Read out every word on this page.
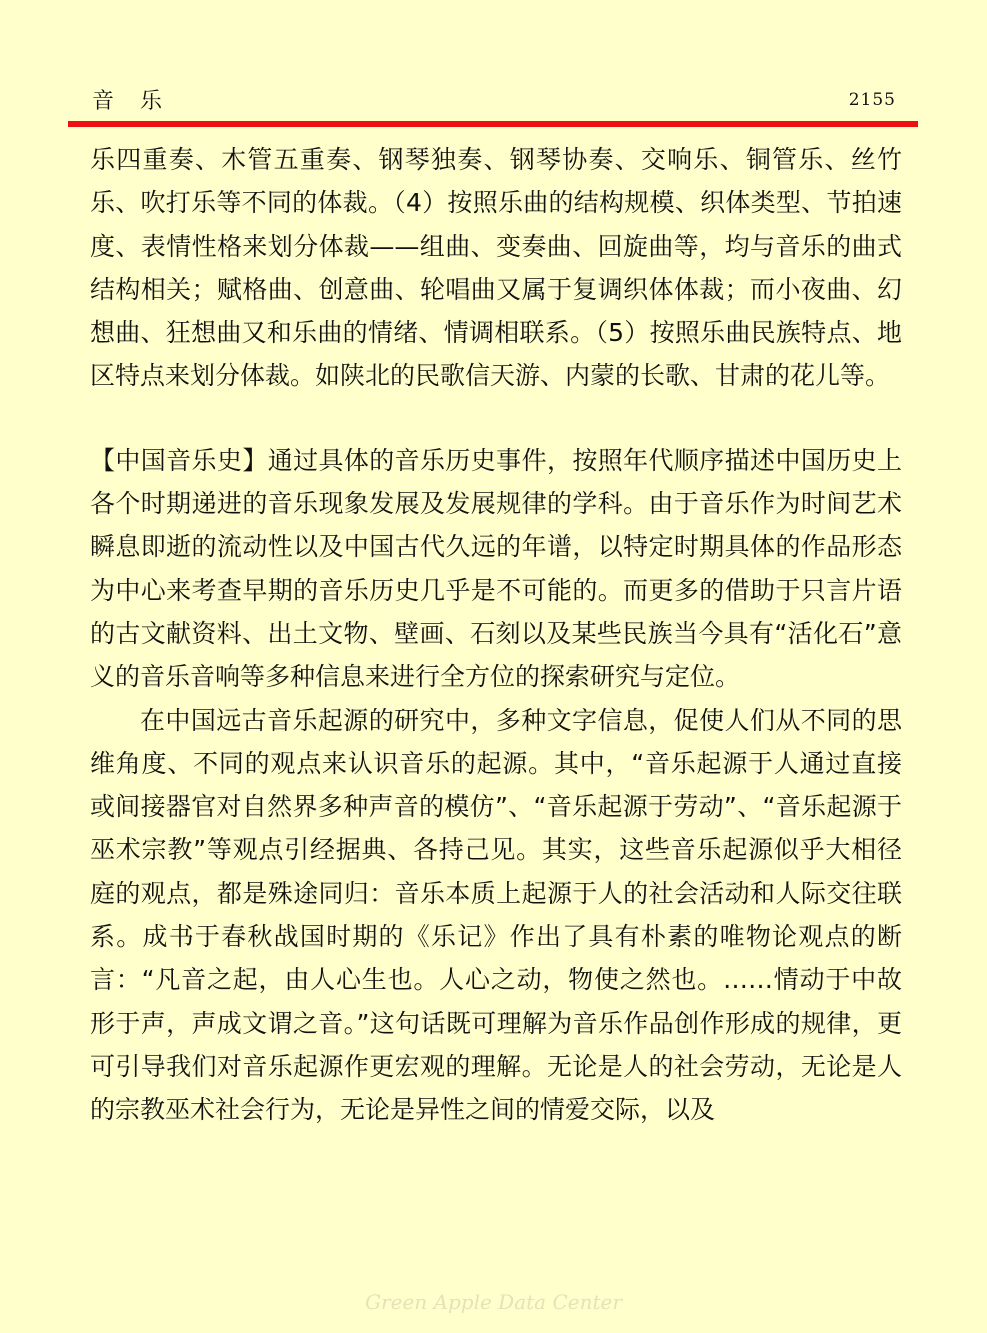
音乐	2155

乐四重奏、木管五重奏、钢琴独奏、钢琴协奏、交响乐、铜管乐、丝竹乐、吹打乐等不同的体裁。（4）按照乐曲的结构规模、织体类型、节拍速度、表情性格来划分体裁——组曲、变奏曲、回旋曲等，均与音乐的曲式结构相关；赋格曲、创意曲、轮唱曲又属于复调织体体裁；而小夜曲、幻想曲、狂想曲又和乐曲的情绪、情调相联系。（5）按照乐曲民族特点、地区特点来划分体裁。如陕北的民歌信天游、内蒙的长歌、甘肃的花儿等。

【中国音乐史】通过具体的音乐历史事件，按照年代顺序描述中国历史上各个时期递进的音乐现象发展及发展规律的学科。由于音乐作为时间艺术瞬息即逝的流动性以及中国古代久远的年谱，以特定时期具体的作品形态为中心来考查早期的音乐历史几乎是不可能的。而更多的借助于只言片语的古文献资料、出土文物、壁画、石刻以及某些民族当今具有“活化石”意义的音乐音响等多种信息来进行全方位的探索研究与定位。

在中国远古音乐起源的研究中，多种文字信息，促使人们从不同的思维角度、不同的观点来认识音乐的起源。其中，“音乐起源于人通过直接或间接器官对自然界多种声音的模仿”、“音乐起源于劳动”、“音乐起源于巫术宗教”等观点引经据典、各持己见。其实，这些音乐起源似乎大相径庭的观点，都是殊途同归：音乐本质上起源于人的社会活动和人际交往联系。成书于春秋战国时期的《乐记》作出了具有朴素的唯物论观点的断言：“凡音之起，由人心生也。人心之动，物使之然也。……情动于中故形于声，声成文谓之音。”这句话既可理解为音乐作品创作形成的规律，更可引导我们对音乐起源作更宏观的理解。无论是人的社会劳动，无论是人的宗教巫术社会行为，无论是异性之间的情爱交际，以及

Green Apple Data Center
